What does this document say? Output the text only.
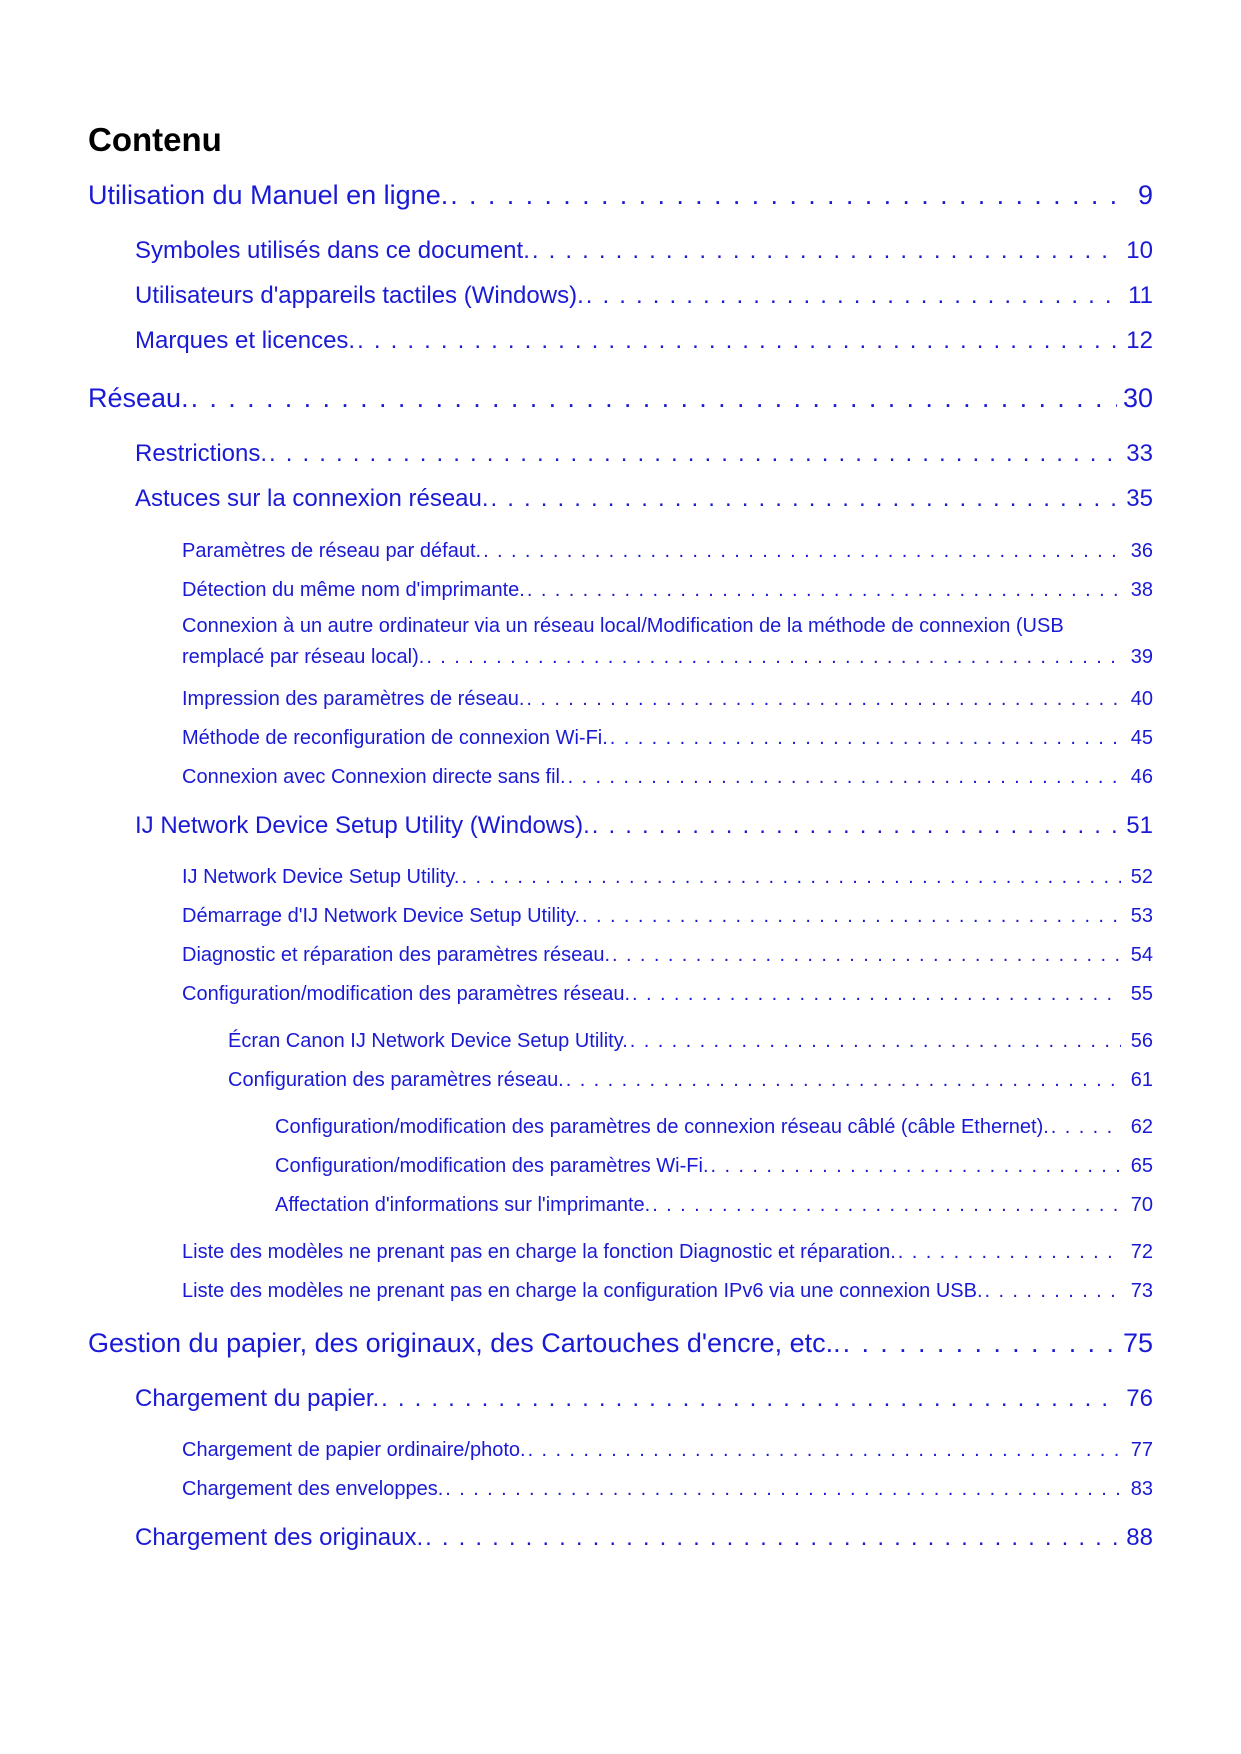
Contenu
Utilisation du Manuel en ligne. .....	9
Symboles utilisés dans ce document. .....	10
Utilisateurs d'appareils tactiles (Windows). .....	11
Marques et licences. .....	12
Réseau. .....	30
Restrictions. .....	33
Astuces sur la connexion réseau. .....	35
Paramètres de réseau par défaut. .....	36
Détection du même nom d'imprimante. .....	38
Connexion à un autre ordinateur via un réseau local/Modification de la méthode de connexion (USB
remplacé par réseau local). .....	39
Impression des paramètres de réseau. .....	40
Méthode de reconfiguration de connexion Wi-Fi. .....	45
Connexion avec Connexion directe sans fil. .....	46
IJ Network Device Setup Utility (Windows). .....	51
IJ Network Device Setup Utility. .....	52
Démarrage d'IJ Network Device Setup Utility. .....	53
Diagnostic et réparation des paramètres réseau. .....	54
Configuration/modification des paramètres réseau. .....	55
Écran Canon IJ Network Device Setup Utility. .....	56
Configuration des paramètres réseau. .....	61
Configuration/modification des paramètres de connexion réseau câblé (câble Ethernet). .....	62
Configuration/modification des paramètres Wi-Fi. .....	65
Affectation d'informations sur l'imprimante. .....	70
Liste des modèles ne prenant pas en charge la fonction Diagnostic et réparation. .....	72
Liste des modèles ne prenant pas en charge la configuration IPv6 via une connexion USB. .....	73
Gestion du papier, des originaux, des Cartouches d'encre, etc.. .....	75
Chargement du papier. .....	76
Chargement de papier ordinaire/photo. .....	77
Chargement des enveloppes. .....	83
Chargement des originaux. .....	88
